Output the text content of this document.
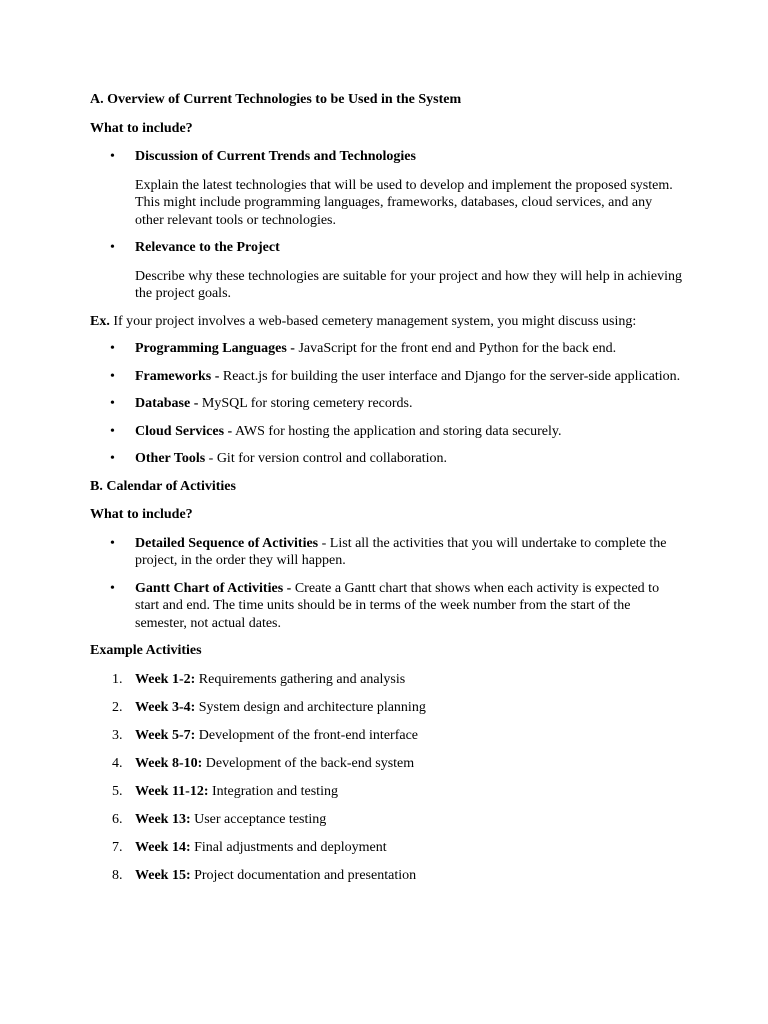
A. Overview of Current Technologies to be Used in the System

What to include?

• Discussion of Current Trends and Technologies

Explain the latest technologies that will be used to develop and implement the proposed system. This might include programming languages, frameworks, databases, cloud services, and any other relevant tools or technologies.

• Relevance to the Project

Describe why these technologies are suitable for your project and how they will help in achieving the project goals.

Ex. If your project involves a web-based cemetery management system, you might discuss using:

• Programming Languages - JavaScript for the front end and Python for the back end.
• Frameworks - React.js for building the user interface and Django for the server-side application.
• Database - MySQL for storing cemetery records.
• Cloud Services - AWS for hosting the application and storing data securely.
• Other Tools - Git for version control and collaboration.

B. Calendar of Activities

What to include?

• Detailed Sequence of Activities - List all the activities that you will undertake to complete the project, in the order they will happen.
• Gantt Chart of Activities - Create a Gantt chart that shows when each activity is expected to start and end. The time units should be in terms of the week number from the start of the semester, not actual dates.

Example Activities

1. Week 1-2: Requirements gathering and analysis
2. Week 3-4: System design and architecture planning
3. Week 5-7: Development of the front-end interface
4. Week 8-10: Development of the back-end system
5. Week 11-12: Integration and testing
6. Week 13: User acceptance testing
7. Week 14: Final adjustments and deployment
8. Week 15: Project documentation and presentation
